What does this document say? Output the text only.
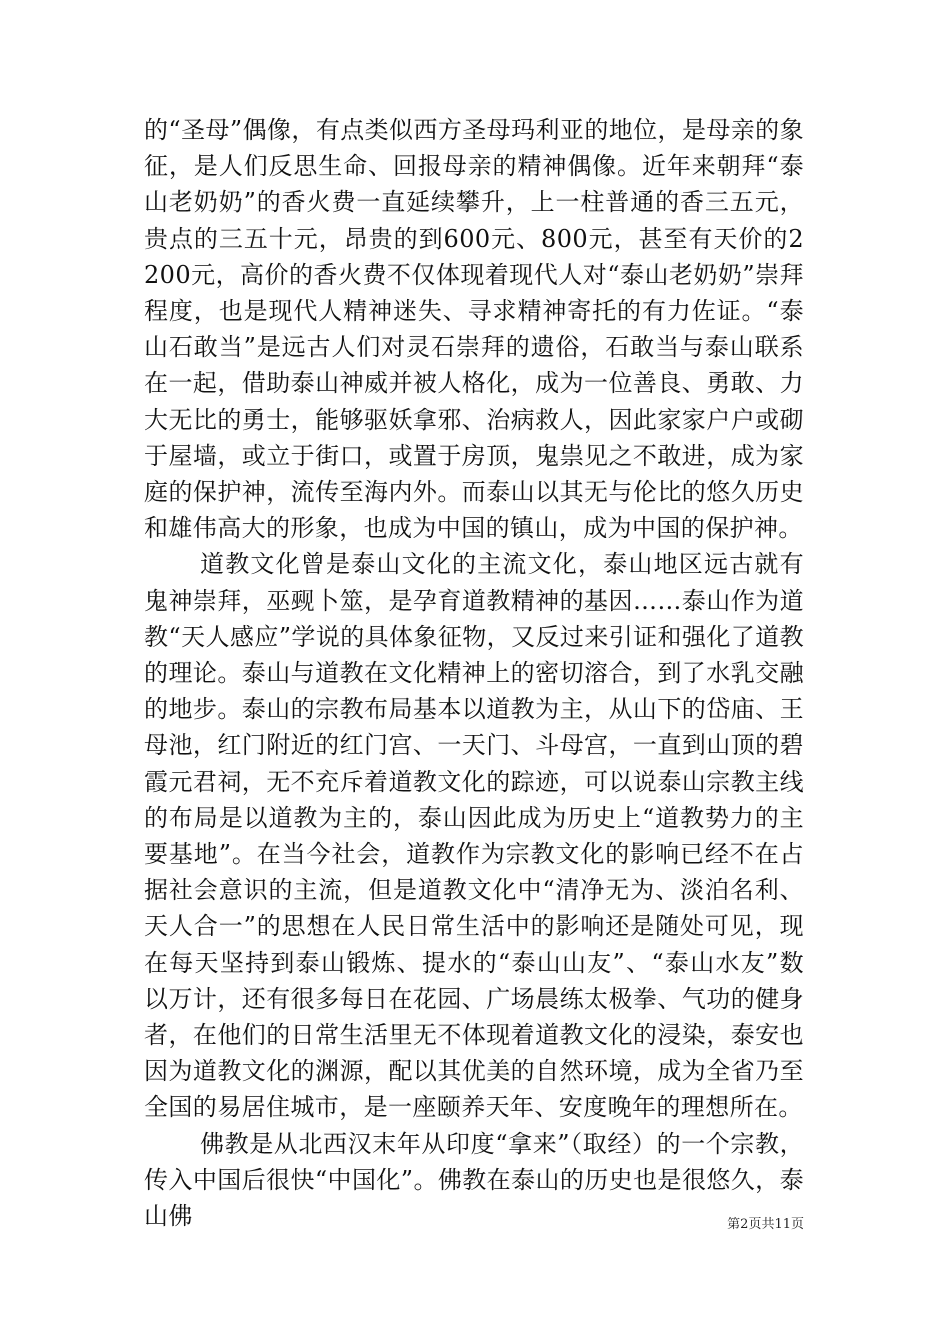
的“圣母”偶像，有点类似西方圣母玛利亚的地位，是母亲的象征，是人们反思生命、回报母亲的精神偶像。近年来朝拜“泰山老奶奶”的香火费一直延续攀升，上一柱普通的香三五元，贵点的三五十元，昂贵的到600元、800元，甚至有天价的2200元，高价的香火费不仅体现着现代人对“泰山老奶奶”崇拜程度，也是现代人精神迷失、寻求精神寄托的有力佐证。“泰山石敢当”是远古人们对灵石崇拜的遗俗，石敢当与泰山联系在一起，借助泰山神威并被人格化，成为一位善良、勇敢、力大无比的勇士，能够驱妖拿邪、治病救人，因此家家户户或砌于屋墙，或立于街口，或置于房顶，鬼祟见之不敢进，成为家庭的保护神，流传至海内外。而泰山以其无与伦比的悠久历史和雄伟高大的形象，也成为中国的镇山，成为中国的保护神。

道教文化曾是泰山文化的主流文化，泰山地区远古就有鬼神崇拜，巫觋卜筮，是孕育道教精神的基因……泰山作为道教“天人感应”学说的具体象征物，又反过来引证和强化了道教的理论。泰山与道教在文化精神上的密切溶合，到了水乳交融的地步。泰山的宗教布局基本以道教为主，从山下的岱庙、王母池，红门附近的红门宫、一天门、斗母宫，一直到山顶的碧霞元君祠，无不充斥着道教文化的踪迹，可以说泰山宗教主线的布局是以道教为主的，泰山因此成为历史上“道教势力的主要基地”。在当今社会，道教作为宗教文化的影响已经不在占据社会意识的主流，但是道教文化中“清净无为、淡泊名利、天人合一”的思想在人民日常生活中的影响还是随处可见，现在每天坚持到泰山锻炼、提水的“泰山山友”、“泰山水友”数以万计，还有很多每日在花园、广场晨练太极拳、气功的健身者，在他们的日常生活里无不体现着道教文化的浸染，泰安也因为道教文化的渊源，配以其优美的自然环境，成为全省乃至全国的易居住城市，是一座颐养天年、安度晚年的理想所在。

佛教是从北西汉末年从印度“拿来”（取经）的一个宗教，传入中国后很快“中国化”。佛教在泰山的历史也是很悠久，泰山佛	第2页共11页
